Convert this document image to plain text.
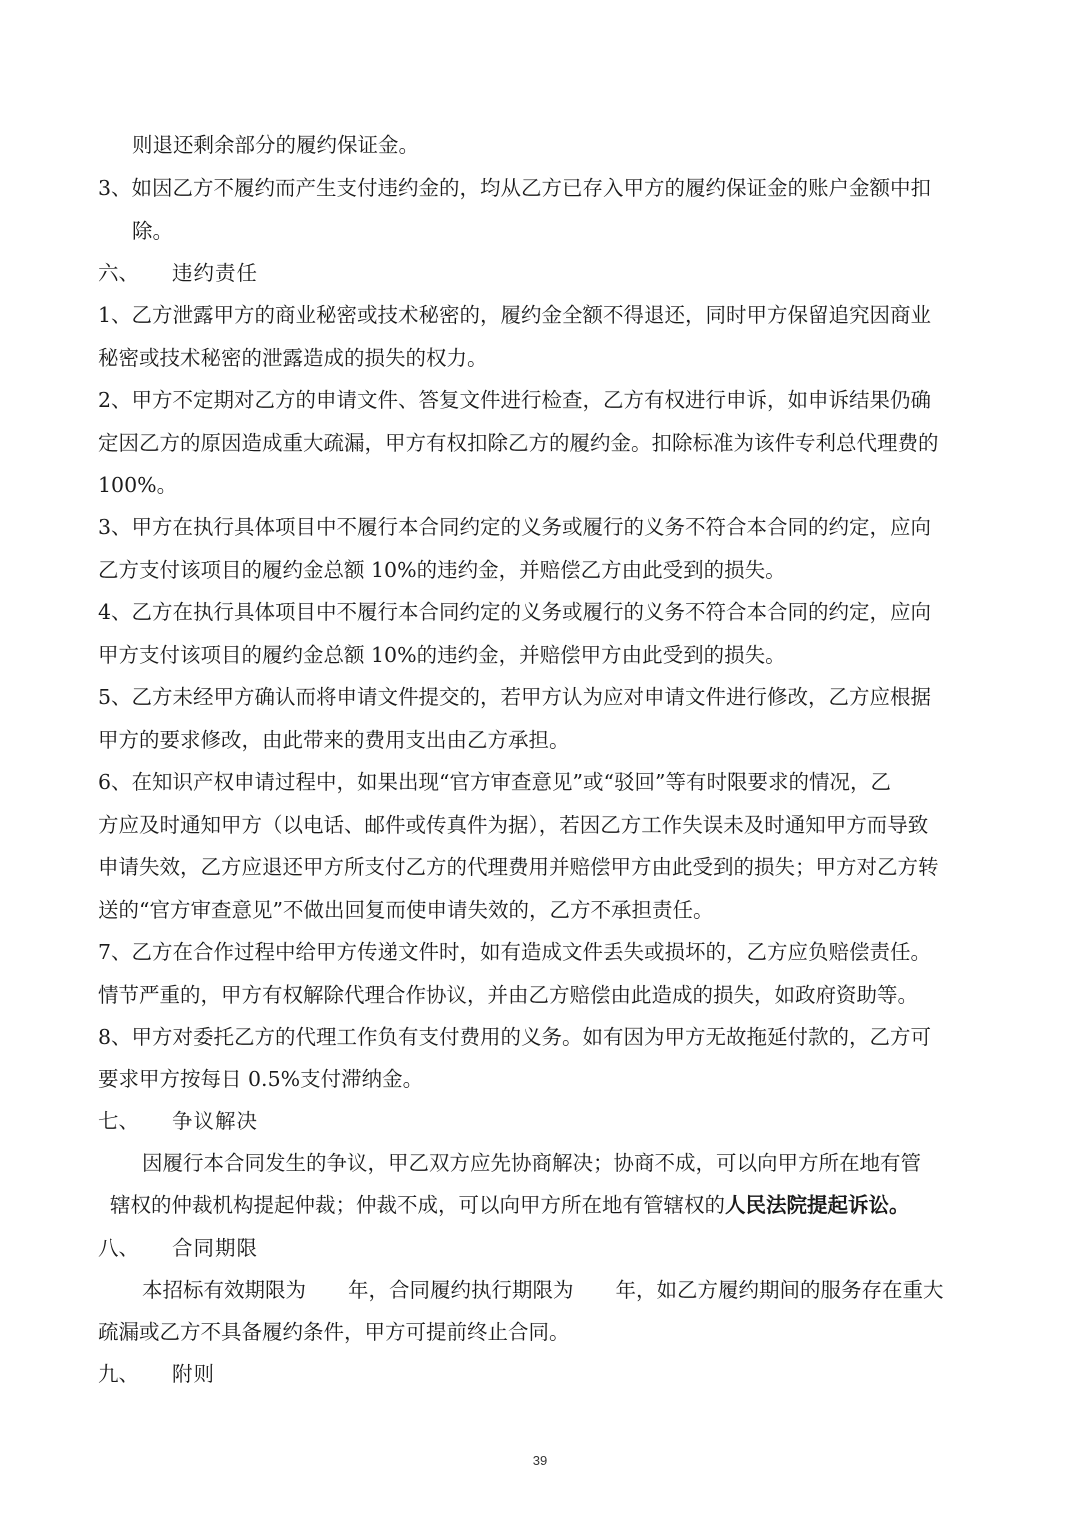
则退还剩余部分的履约保证金。
3、如因乙方不履约而产生支付违约金的，均从乙方已存入甲方的履约保证金的账户金额中扣
除。
六、 违约责任
1、乙方泄露甲方的商业秘密或技术秘密的，履约金全额不得退还，同时甲方保留追究因商业
秘密或技术秘密的泄露造成的损失的权力。
2、甲方不定期对乙方的申请文件、答复文件进行检查，乙方有权进行申诉，如申诉结果仍确
定因乙方的原因造成重大疏漏，甲方有权扣除乙方的履约金。扣除标准为该件专利总代理费的
100%。
3、甲方在执行具体项目中不履行本合同约定的义务或履行的义务不符合本合同的约定，应向
乙方支付该项目的履约金总额 10%的违约金，并赔偿乙方由此受到的损失。
4、乙方在执行具体项目中不履行本合同约定的义务或履行的义务不符合本合同的约定，应向
甲方支付该项目的履约金总额 10%的违约金，并赔偿甲方由此受到的损失。
5、乙方未经甲方确认而将申请文件提交的，若甲方认为应对申请文件进行修改，乙方应根据
甲方的要求修改，由此带来的费用支出由乙方承担。
6、在知识产权申请过程中，如果出现“官方审查意见”或“驳回”等有时限要求的情况，乙
方应及时通知甲方（以电话、邮件或传真件为据），若因乙方工作失误未及时通知甲方而导致
申请失效，乙方应退还甲方所支付乙方的代理费用并赔偿甲方由此受到的损失；甲方对乙方转
送的“官方审查意见”不做出回复而使申请失效的，乙方不承担责任。
7、乙方在合作过程中给甲方传递文件时，如有造成文件丢失或损坏的，乙方应负赔偿责任。
情节严重的，甲方有权解除代理合作协议，并由乙方赔偿由此造成的损失，如政府资助等。
8、甲方对委托乙方的代理工作负有支付费用的义务。如有因为甲方无故拖延付款的，乙方可
要求甲方按每日 0.5%支付滞纳金。
七、 争议解决
因履行本合同发生的争议，甲乙双方应先协商解决；协商不成，可以向甲方所在地有管
辖权的仲裁机构提起仲裁；仲裁不成，可以向甲方所在地有管辖权的人民法院提起诉讼。
八、 合同期限
本招标有效期限为 年，合同履约执行期限为 年，如乙方履约期间的服务存在重大
疏漏或乙方不具备履约条件，甲方可提前终止合同。
九、 附则
39
